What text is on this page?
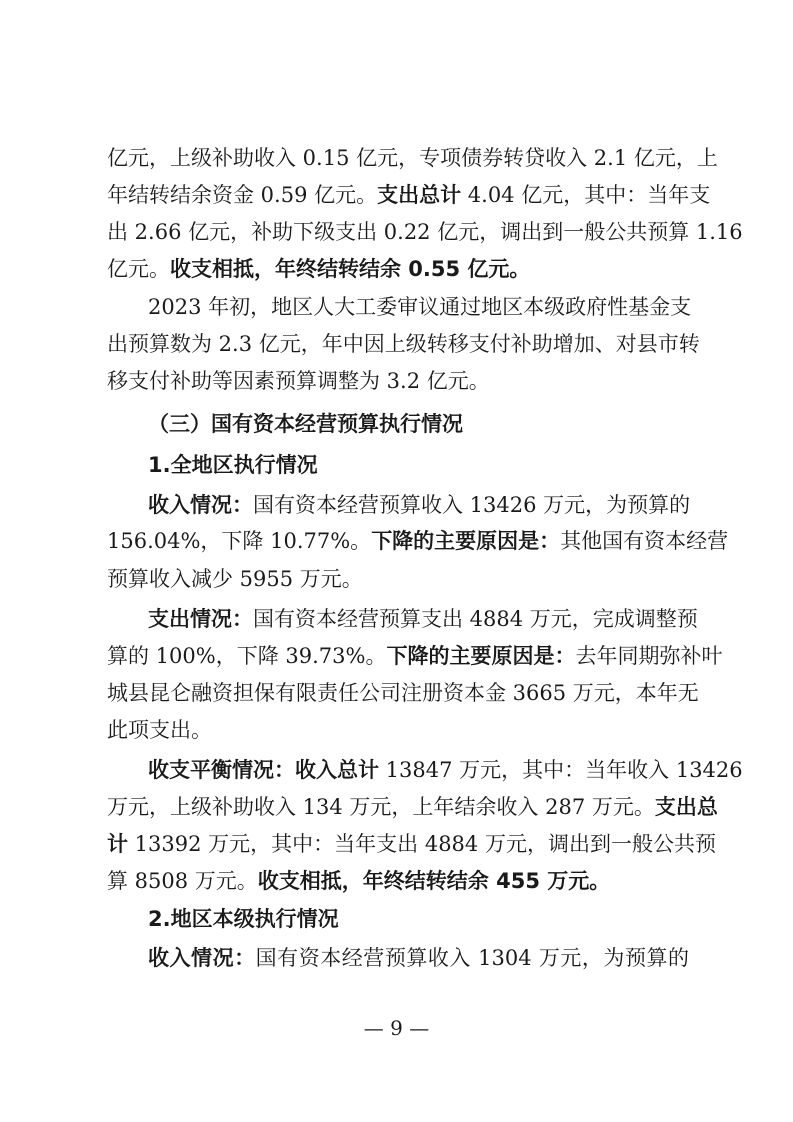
亿元，上级补助收入 0.15 亿元，专项债券转贷收入 2.1 亿元，上
年结转结余资金 0.59 亿元。支出总计 4.04 亿元，其中：当年支
出 2.66 亿元，补助下级支出 0.22 亿元，调出到一般公共预算 1.16
亿元。收支相抵，年终结转结余 0.55 亿元。
2023 年初，地区人大工委审议通过地区本级政府性基金支
出预算数为 2.3 亿元，年中因上级转移支付补助增加、对县市转
移支付补助等因素预算调整为 3.2 亿元。
（三）国有资本经营预算执行情况
1.全地区执行情况
收入情况：国有资本经营预算收入 13426 万元，为预算的
156.04%，下降 10.77%。下降的主要原因是：其他国有资本经营
预算收入减少 5955 万元。
支出情况：国有资本经营预算支出 4884 万元，完成调整预
算的 100%，下降 39.73%。下降的主要原因是：去年同期弥补叶
城县昆仑融资担保有限责任公司注册资本金 3665 万元，本年无
此项支出。
收支平衡情况：收入总计 13847 万元，其中：当年收入 13426
万元，上级补助收入 134 万元，上年结余收入 287 万元。支出总
计 13392 万元，其中：当年支出 4884 万元，调出到一般公共预
算 8508 万元。收支相抵，年终结转结余 455 万元。
2.地区本级执行情况
收入情况：国有资本经营预算收入 1304 万元，为预算的
— 9 —
